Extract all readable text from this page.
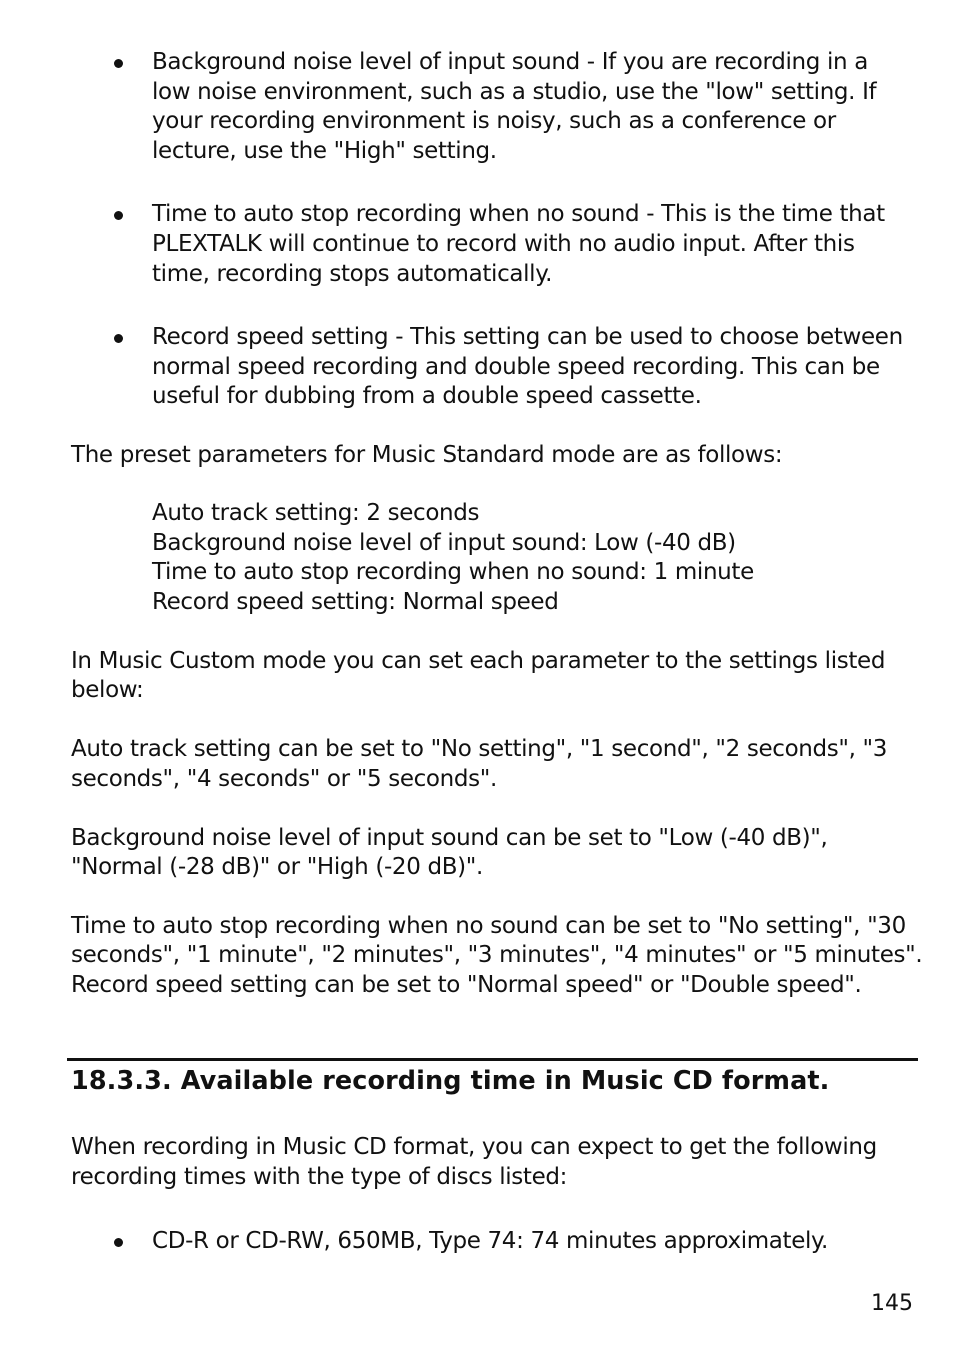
Background noise level of input sound - If you are recording in a

low noise environment, such as a studio, use the "low" setting. If

your recording environment is noisy, such as a conference or

lecture, use the "High" setting.

Time to auto stop recording when no sound - This is the time that

PLEXTALK will continue to record with no audio input. After this

time, recording stops automatically.

Record speed setting - This setting can be used to choose between

normal speed recording and double speed recording. This can be

useful for dubbing from a double speed cassette.

The preset parameters for Music Standard mode are as follows:

Auto track setting: 2 seconds

Background noise level of input sound: Low (-40 dB)

Time to auto stop recording when no sound: 1 minute

Record speed setting: Normal speed

In Music Custom mode you can set each parameter to the settings listed

below:

Auto track setting can be set to "No setting", "1 second", "2 seconds", "3

seconds", "4 seconds" or "5 seconds".

Background noise level of input sound can be set to "Low (-40 dB)",

"Normal (-28 dB)" or "High (-20 dB)".

Time to auto stop recording when no sound can be set to "No setting", "30

seconds", "1 minute", "2 minutes", "3 minutes", "4 minutes" or "5 minutes".

Record speed setting can be set to "Normal speed" or "Double speed".

18.3.3. Available recording time in Music CD format.

When recording in Music CD format, you can expect to get the following

recording times with the type of discs listed:

CD-R or CD-RW, 650MB, Type 74: 74 minutes approximately.

145
